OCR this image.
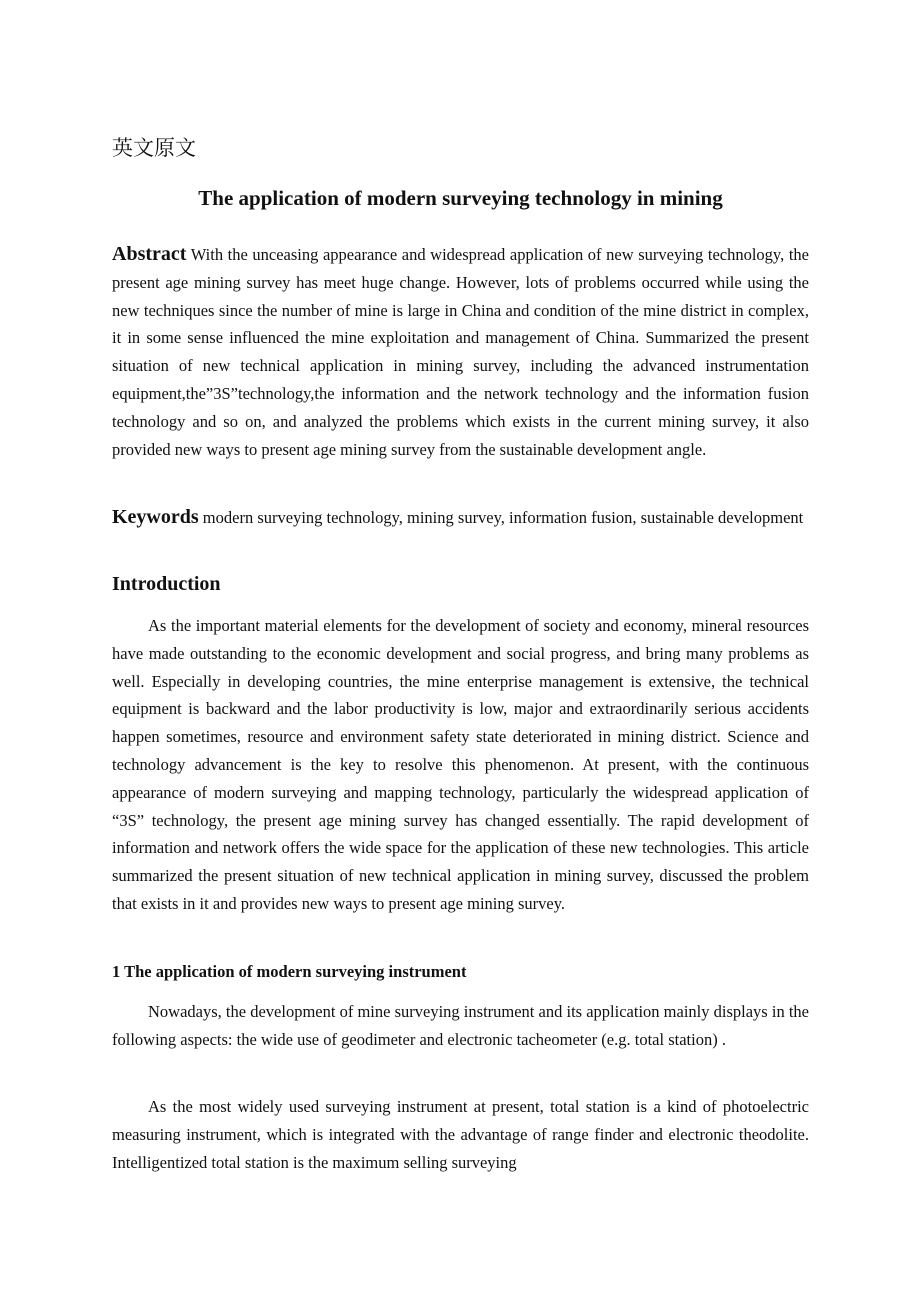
英文原文
The application of modern surveying technology in mining

Abstract With the unceasing appearance and widespread application of new surveying technology, the present age mining survey has meet huge change. However, lots of problems occurred while using the new techniques since the number of mine is large in China and condition of the mine district in complex, it in some sense influenced the mine exploitation and management of China. Summarized the present situation of new technical application in mining survey, including the advanced instrumentation equipment,the”3S”technology,the information and the network technology and the information fusion technology and so on, and analyzed the problems which exists in the current mining survey, it also provided new ways to present age mining survey from the sustainable development angle.

Keywords modern surveying technology, mining survey, information fusion, sustainable development

Introduction

As the important material elements for the development of society and economy, mineral resources have made outstanding to the economic development and social progress, and bring many problems as well. Especially in developing countries, the mine enterprise management is extensive, the technical equipment is backward and the labor productivity is low, major and extraordinarily serious accidents happen sometimes, resource and environment safety state deteriorated in mining district. Science and technology advancement is the key to resolve this phenomenon. At present, with the continuous appearance of modern surveying and mapping technology, particularly the widespread application of “3S” technology, the present age mining survey has changed essentially. The rapid development of information and network offers the wide space for the application of these new technologies. This article summarized the present situation of new technical application in mining survey, discussed the problem that exists in it and provides new ways to present age mining survey.

1 The application of modern surveying instrument

Nowadays, the development of mine surveying instrument and its application mainly displays in the following aspects: the wide use of geodimeter and electronic tacheometer (e.g. total station) .

As the most widely used surveying instrument at present, total station is a kind of photoelectric measuring instrument, which is integrated with the advantage of range finder and electronic theodolite. Intelligentized total station is the maximum selling surveying
